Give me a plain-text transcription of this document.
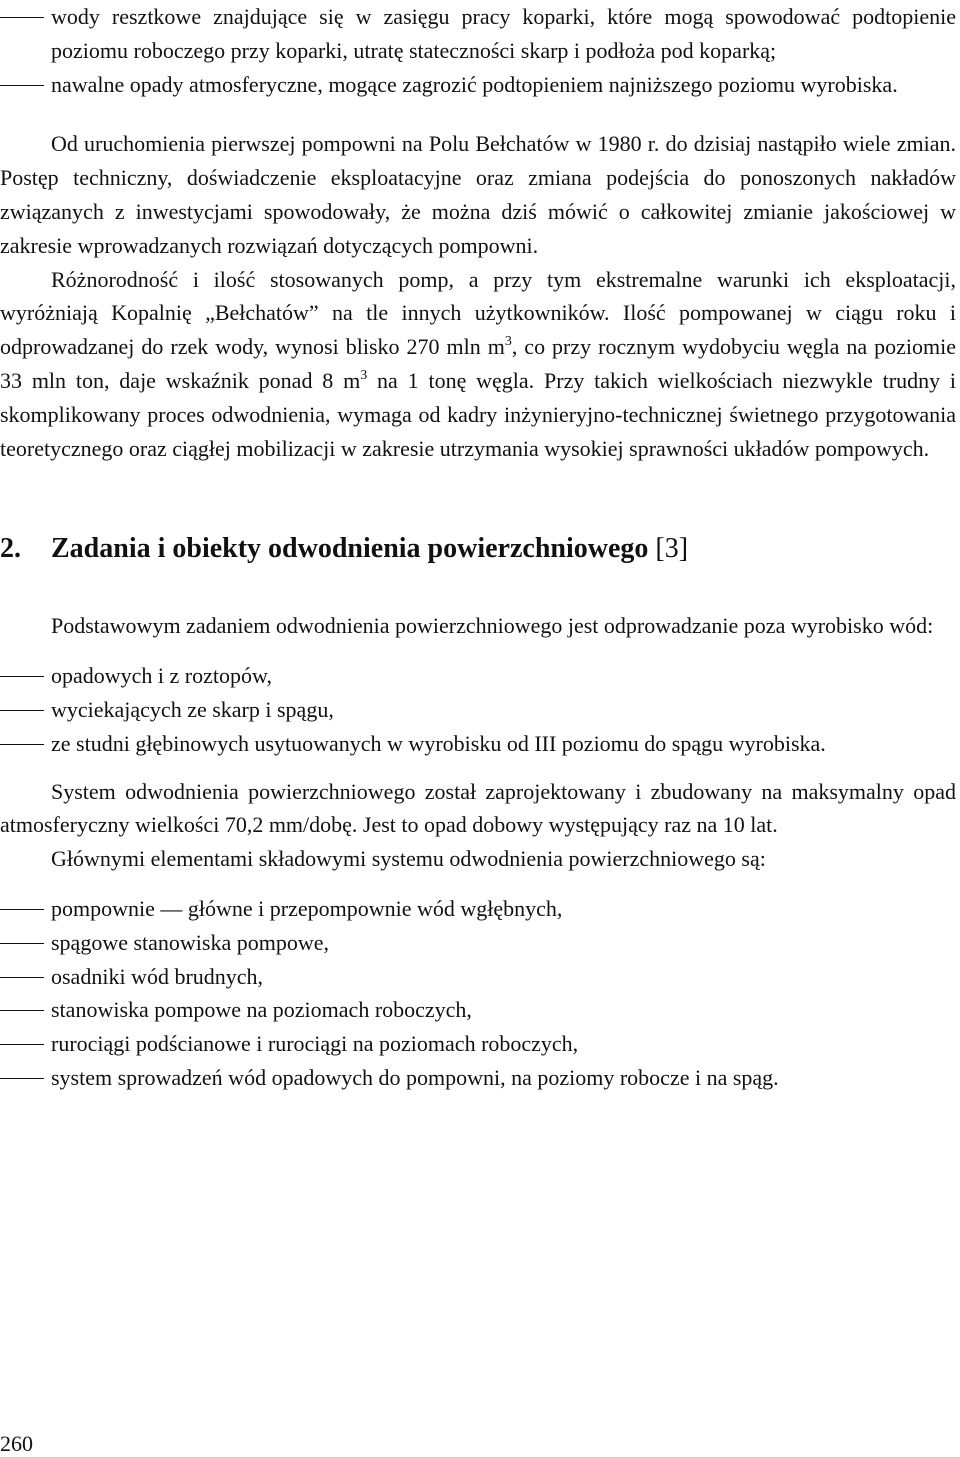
wody resztkowe znajdujące się w zasięgu pracy koparki, które mogą spowodować podtopienie poziomu roboczego przy koparki, utratę stateczności skarp i podłoża pod koparką;
nawalne opady atmosferyczne, mogące zagrozić podtopieniem najniższego poziomu wyrobiska.

Od uruchomienia pierwszej pompowni na Polu Bełchatów w 1980 r. do dzisiaj nastąpiło wiele zmian. Postęp techniczny, doświadczenie eksploatacyjne oraz zmiana podejścia do ponoszonych nakładów związanych z inwestycjami spowodowały, że można dziś mówić o całkowitej zmianie jakościowej w zakresie wprowadzanych rozwiązań dotyczących pompowni.

Różnorodność i ilość stosowanych pomp, a przy tym ekstremalne warunki ich eksploatacji, wyróżniają Kopalnię „Bełchatów” na tle innych użytkowników. Ilość pompowanej w ciągu roku i odprowadzanej do rzek wody, wynosi blisko 270 mln $m^3$, co przy rocznym wydobyciu węgla na poziomie 33 mln ton, daje wskaźnik ponad 8 $m^3$ na 1 tonę węgla. Przy takich wielkościach niezwykle trudny i skomplikowany proces odwodnienia, wymaga od kadry inżynieryjno-technicznej świetnego przygotowania teoretycznego oraz ciągłej mobilizacji w zakresie utrzymania wysokiej sprawności układów pompowych.

2.	Zadania i obiekty odwodnienia powierzchniowego [3]

Podstawowym zadaniem odwodnienia powierzchniowego jest odprowadzanie poza wyrobisko wód:

opadowych i z roztopów,
wyciekających ze skarp i spągu,
ze studni głębinowych usytuowanych w wyrobisku od III poziomu do spągu wyrobiska.

System odwodnienia powierzchniowego został zaprojektowany i zbudowany na maksymalny opad atmosferyczny wielkości 70,2 mm/dobę. Jest to opad dobowy występujący raz na 10 lat.

Głównymi elementami składowymi systemu odwodnienia powierzchniowego są:

pompownie — główne i przepompownie wód wgłębnych,
spągowe stanowiska pompowe,
osadniki wód brudnych,
stanowiska pompowe na poziomach roboczych,
rurociągi podścianowe i rurociągi na poziomach roboczych,
system sprowadzeń wód opadowych do pompowni, na poziomy robocze i na spąg.
260
